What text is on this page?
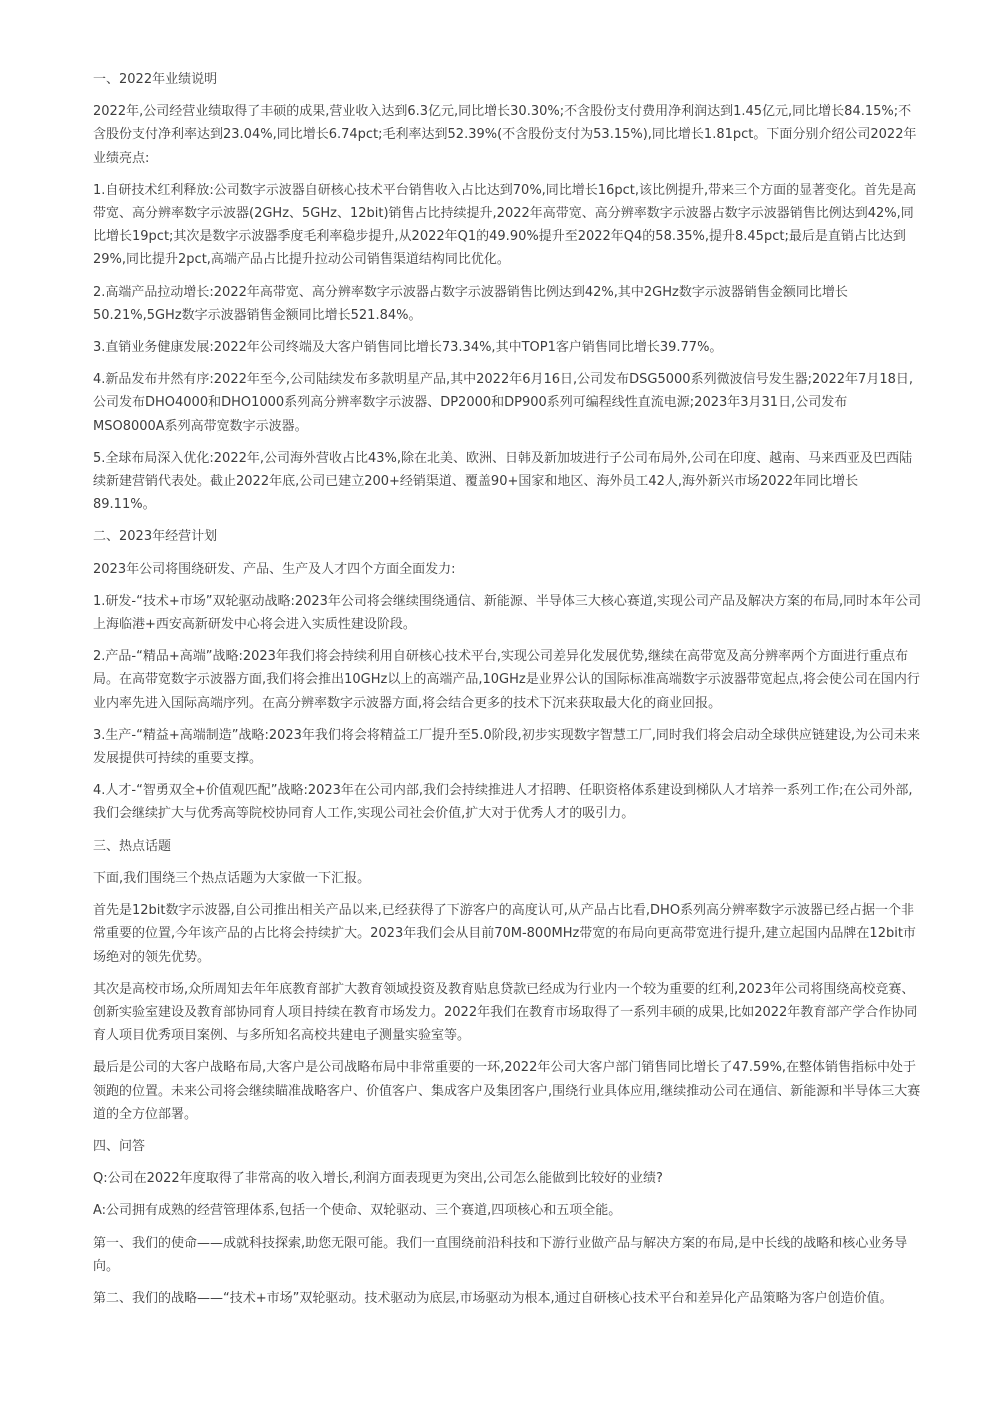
一、2022年业绩说明
2022年,公司经营业绩取得了丰硕的成果,营业收入达到6.3亿元,同比增长30.30%;不含股份支付费用净利润达到1.45亿元,同比增长84.15%;不
含股份支付净利率达到23.04%,同比增长6.74pct;毛利率达到52.39%(不含股份支付为53.15%),同比增长1.81pct。下面分别介绍公司2022年
业绩亮点:
1.自研技术红利释放:公司数字示波器自研核心技术平台销售收入占比达到70%,同比增长16pct,该比例提升,带来三个方面的显著变化。首先是高
带宽、高分辨率数字示波器(2GHz、5GHz、12bit)销售占比持续提升,2022年高带宽、高分辨率数字示波器占数字示波器销售比例达到42%,同
比增长19pct;其次是数字示波器季度毛利率稳步提升,从2022年Q1的49.90%提升至2022年Q4的58.35%,提升8.45pct;最后是直销占比达到
29%,同比提升2pct,高端产品占比提升拉动公司销售渠道结构同比优化。
2.高端产品拉动增长:2022年高带宽、高分辨率数字示波器占数字示波器销售比例达到42%,其中2GHz数字示波器销售金额同比增长
50.21%,5GHz数字示波器销售金额同比增长521.84%。
3.直销业务健康发展:2022年公司终端及大客户销售同比增长73.34%,其中TOP1客户销售同比增长39.77%。
4.新品发布井然有序:2022年至今,公司陆续发布多款明星产品,其中2022年6月16日,公司发布DSG5000系列微波信号发生器;2022年7月18日,
公司发布DHO4000和DHO1000系列高分辨率数字示波器、DP2000和DP900系列可编程线性直流电源;2023年3月31日,公司发布
MSO8000A系列高带宽数字示波器。
5.全球布局深入优化:2022年,公司海外营收占比43%,除在北美、欧洲、日韩及新加坡进行子公司布局外,公司在印度、越南、马来西亚及巴西陆
续新建营销代表处。截止2022年底,公司已建立200+经销渠道、覆盖90+国家和地区、海外员工42人,海外新兴市场2022年同比增长
89.11%。
二、2023年经营计划
2023年公司将围绕研发、产品、生产及人才四个方面全面发力:
1.研发-“技术+市场”双轮驱动战略:2023年公司将会继续围绕通信、新能源、半导体三大核心赛道,实现公司产品及解决方案的布局,同时本年公司
上海临港+西安高新研发中心将会进入实质性建设阶段。
2.产品-“精品+高端”战略:2023年我们将会持续利用自研核心技术平台,实现公司差异化发展优势,继续在高带宽及高分辨率两个方面进行重点布
局。在高带宽数字示波器方面,我们将会推出10GHz以上的高端产品,10GHz是业界公认的国际标准高端数字示波器带宽起点,将会使公司在国内行
业内率先进入国际高端序列。在高分辨率数字示波器方面,将会结合更多的技术下沉来获取最大化的商业回报。
3.生产-“精益+高端制造”战略:2023年我们将会将精益工厂提升至5.0阶段,初步实现数字智慧工厂,同时我们将会启动全球供应链建设,为公司未来
发展提供可持续的重要支撑。
4.人才-“智勇双全+价值观匹配”战略:2023年在公司内部,我们会持续推进人才招聘、任职资格体系建设到梯队人才培养一系列工作;在公司外部,
我们会继续扩大与优秀高等院校协同育人工作,实现公司社会价值,扩大对于优秀人才的吸引力。
三、热点话题
下面,我们围绕三个热点话题为大家做一下汇报。
首先是12bit数字示波器,自公司推出相关产品以来,已经获得了下游客户的高度认可,从产品占比看,DHO系列高分辨率数字示波器已经占据一个非
常重要的位置,今年该产品的占比将会持续扩大。2023年我们会从目前70M-800MHz带宽的布局向更高带宽进行提升,建立起国内品牌在12bit市
场绝对的领先优势。
其次是高校市场,众所周知去年年底教育部扩大教育领域投资及教育贴息贷款已经成为行业内一个较为重要的红利,2023年公司将围绕高校竞赛、
创新实验室建设及教育部协同育人项目持续在教育市场发力。2022年我们在教育市场取得了一系列丰硕的成果,比如2022年教育部产学合作协同
育人项目优秀项目案例、与多所知名高校共建电子测量实验室等。
最后是公司的大客户战略布局,大客户是公司战略布局中非常重要的一环,2022年公司大客户部门销售同比增长了47.59%,在整体销售指标中处于
领跑的位置。未来公司将会继续瞄准战略客户、价值客户、集成客户及集团客户,围绕行业具体应用,继续推动公司在通信、新能源和半导体三大赛
道的全方位部署。
四、问答
Q:公司在2022年度取得了非常高的收入增长,利润方面表现更为突出,公司怎么能做到比较好的业绩?
A:公司拥有成熟的经营管理体系,包括一个使命、双轮驱动、三个赛道,四项核心和五项全能。
第一、我们的使命——成就科技探索,助您无限可能。我们一直围绕前沿科技和下游行业做产品与解决方案的布局,是中长线的战略和核心业务导
向。
第二、我们的战略——“技术+市场”双轮驱动。技术驱动为底层,市场驱动为根本,通过自研核心技术平台和差异化产品策略为客户创造价值。
